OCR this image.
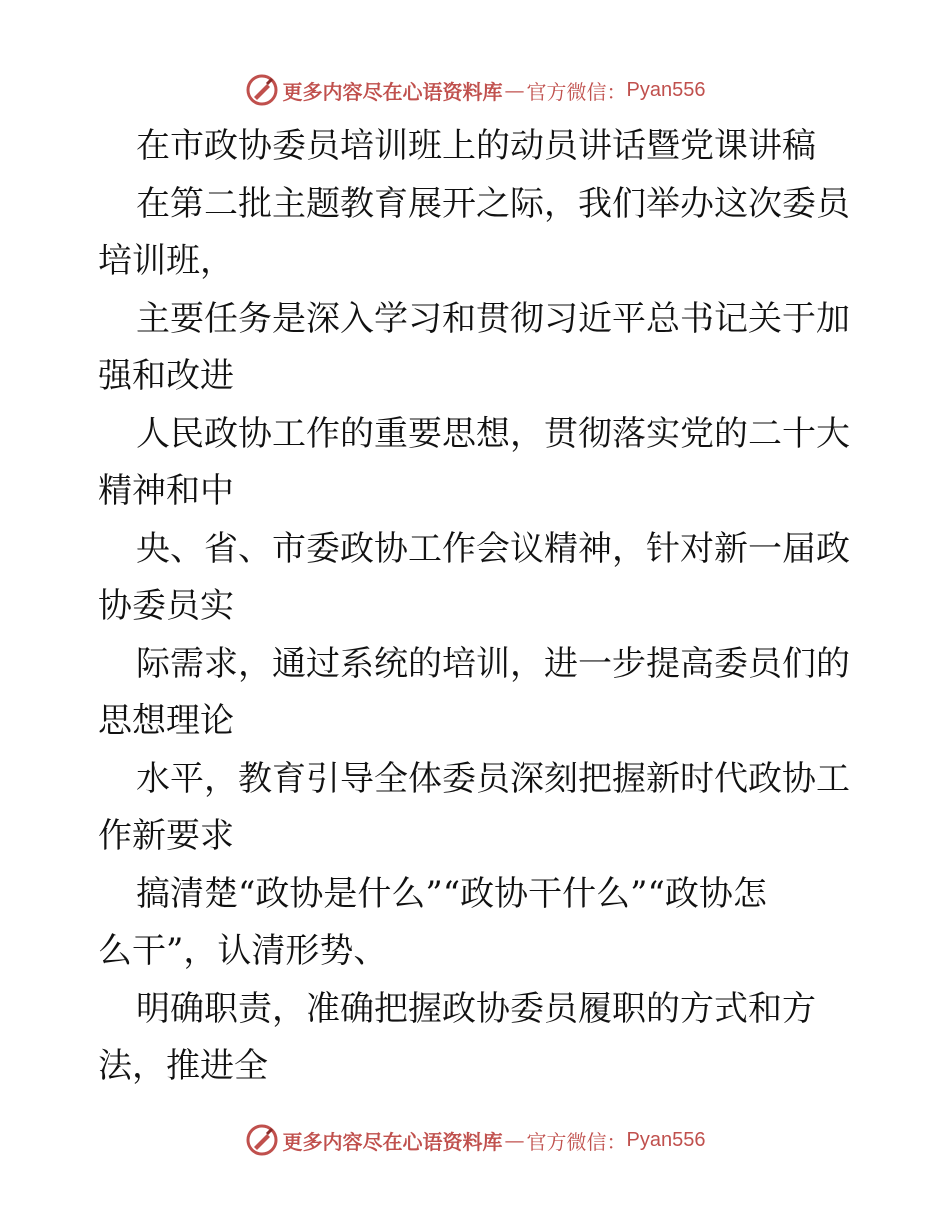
更多内容尽在心语资料库 — 官方微信： Pyan556
在市政协委员培训班上的动员讲话暨党课讲稿
在第二批主题教育展开之际，我们举办这次委员
培训班，
主要任务是深入学习和贯彻习近平总书记关于加
强和改进
人民政协工作的重要思想，贯彻落实党的二十大
精神和中
央、省、市委政协工作会议精神，针对新一届政
协委员实
际需求，通过系统的培训，进一步提高委员们的
思想理论
水平，教育引导全体委员深刻把握新时代政协工
作新要求
搞清楚“政协是什么”“政协干什么”“政协怎
么干”，认清形势、
明确职责，准确把握政协委员履职的方式和方
法，推进全
更多内容尽在心语资料库 — 官方微信： Pyan556
